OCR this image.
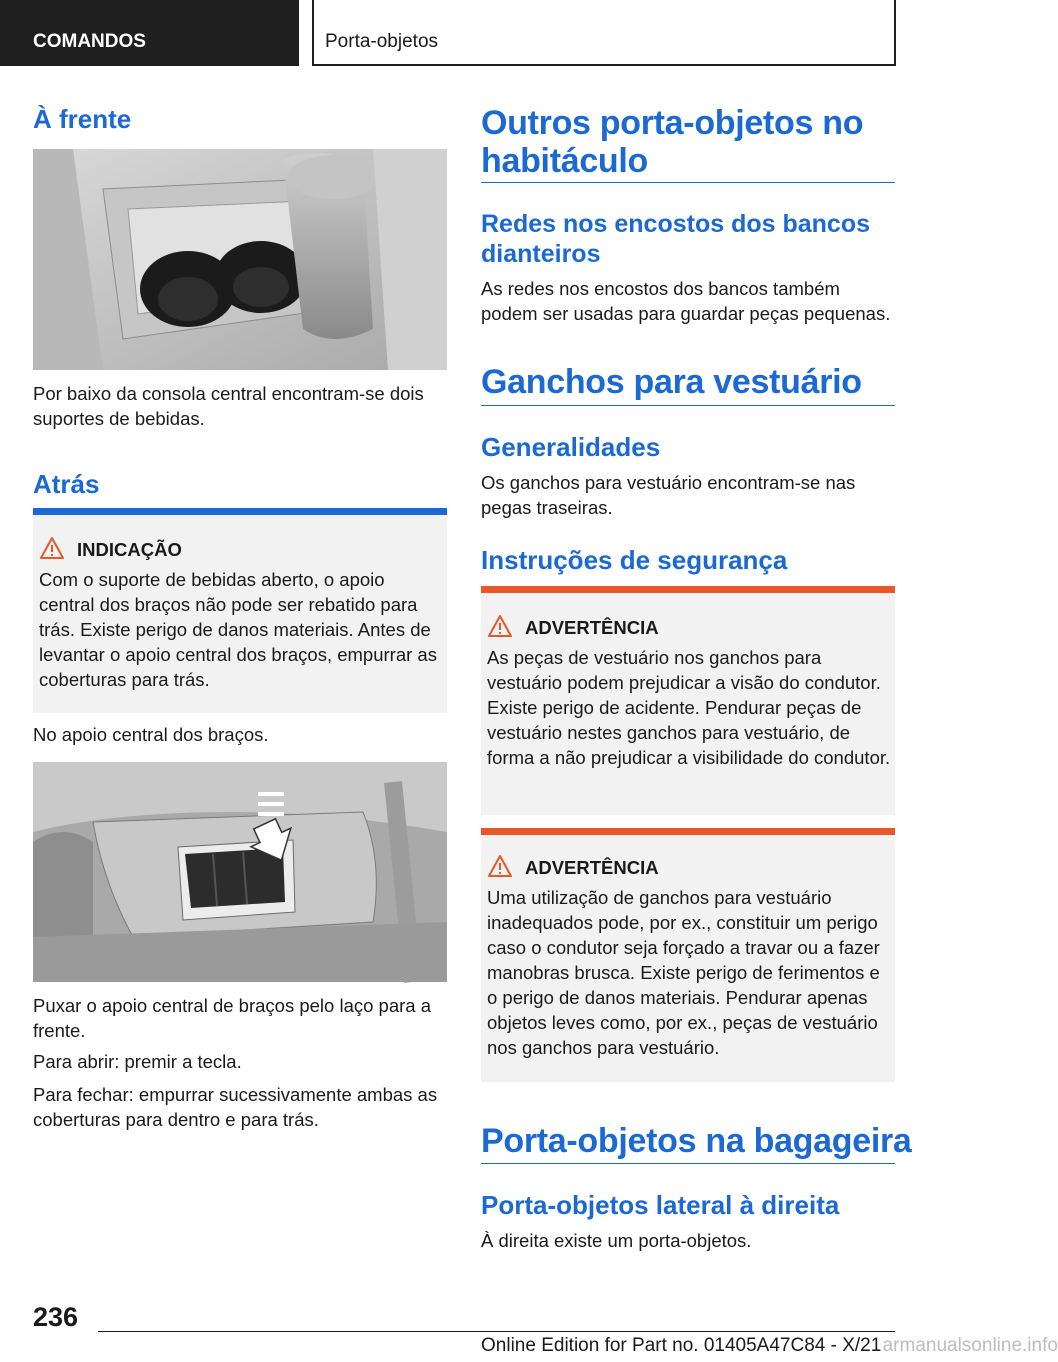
COMANDOS	Porta-objetos
À frente
Por baixo da consola central encontram-se dois suportes de bebidas.
Atrás
INDICAÇÃO
Com o suporte de bebidas aberto, o apoio central dos braços não pode ser rebatido para trás. Existe perigo de danos materiais. Antes de levantar o apoio central dos braços, empurrar as coberturas para trás.
No apoio central dos braços.
Puxar o apoio central de braços pelo laço para a frente.
Para abrir: premir a tecla.
Para fechar: empurrar sucessivamente ambas as coberturas para dentro e para trás.
Outros porta-objetos no habitáculo
Redes nos encostos dos bancos dianteiros
As redes nos encostos dos bancos também podem ser usadas para guardar peças pequenas.
Ganchos para vestuário
Generalidades
Os ganchos para vestuário encontram-se nas pegas traseiras.
Instruções de segurança
ADVERTÊNCIA
As peças de vestuário nos ganchos para vestuário podem prejudicar a visão do condutor. Existe perigo de acidente. Pendurar peças de vestuário nestes ganchos para vestuário, de forma a não prejudicar a visibilidade do condutor.
ADVERTÊNCIA
Uma utilização de ganchos para vestuário inadequados pode, por ex., constituir um perigo caso o condutor seja forçado a travar ou a fazer manobras brusca. Existe perigo de ferimentos e o perigo de danos materiais. Pendurar apenas objetos leves como, por ex., peças de vestuário nos ganchos para vestuário.
Porta-objetos na bagageira
Porta-objetos lateral à direita
À direita existe um porta-objetos.
236
Online Edition for Part no. 01405A47C84 - X/21 armanualsonline.info
